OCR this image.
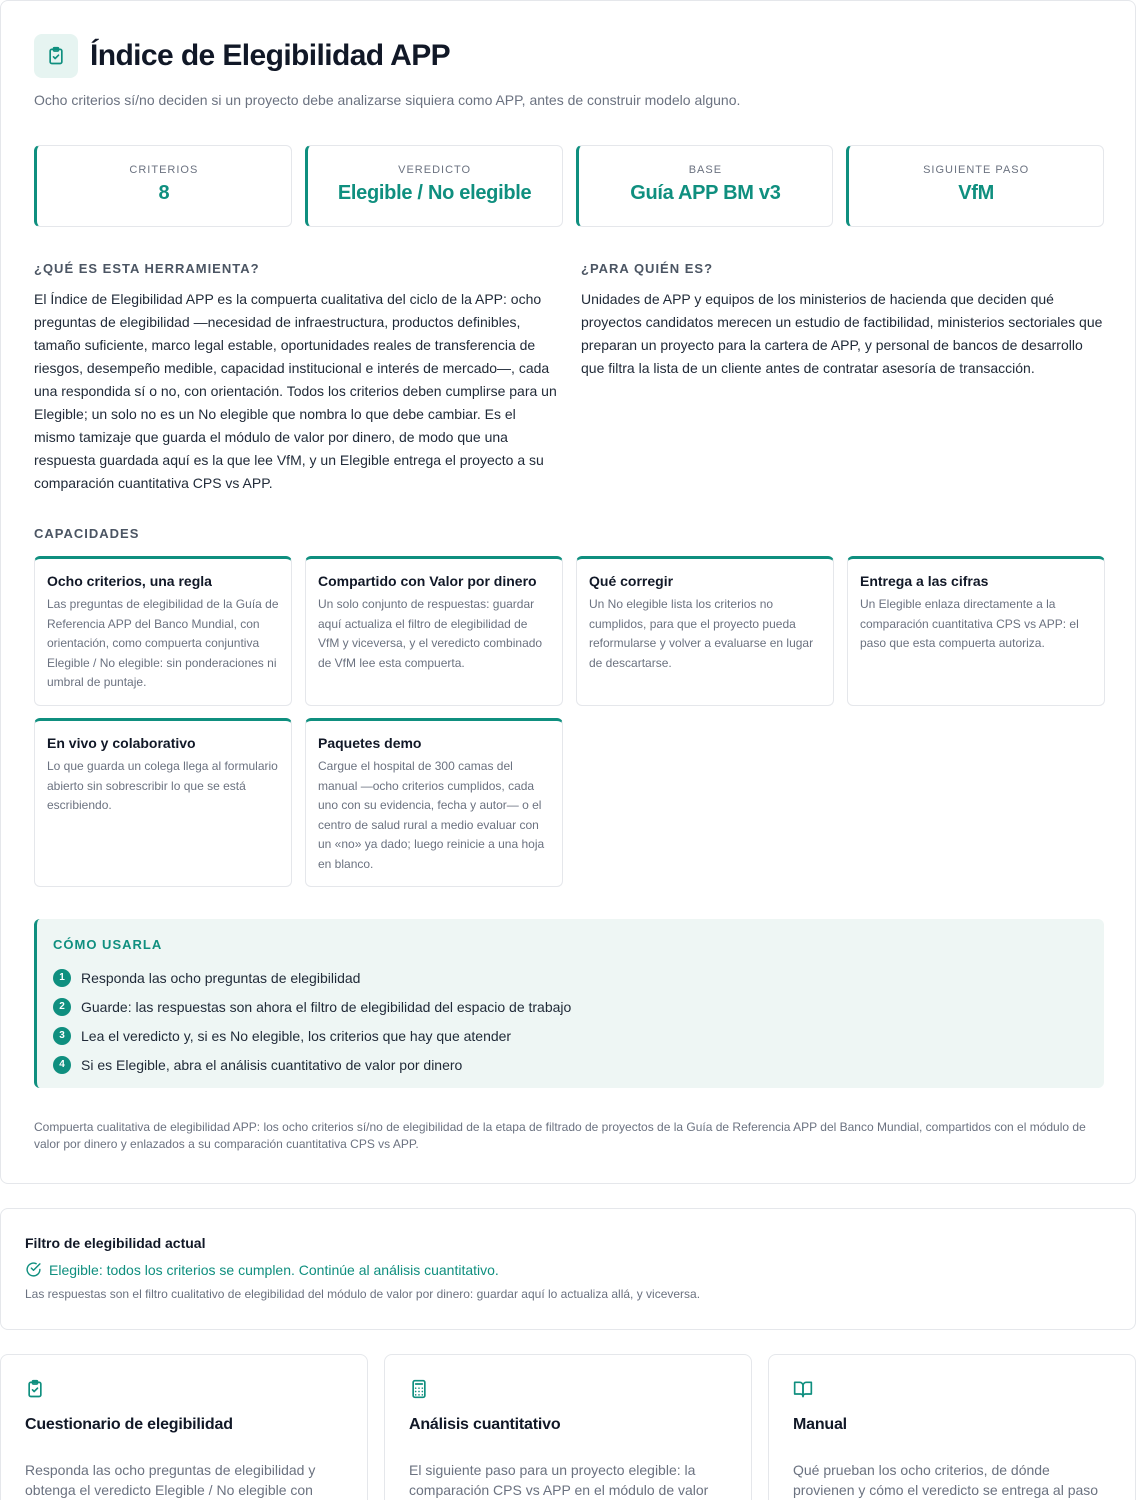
Índice de Elegibilidad APP

Ocho criterios sí/no deciden si un proyecto debe analizarse siquiera como APP, antes de construir modelo alguno.

CRITERIOS
8
VEREDICTO
Elegible / No elegible
BASE
Guía APP BM v3
SIGUIENTE PASO
VfM
¿QUÉ ES ESTA HERRAMIENTA?

El Índice de Elegibilidad APP es la compuerta cualitativa del ciclo de la APP: ocho preguntas de elegibilidad —necesidad de infraestructura, productos definibles, tamaño suficiente, marco legal estable, oportunidades reales de transferencia de riesgos, desempeño medible, capacidad institucional e interés de mercado—, cada una respondida sí o no, con orientación. Todos los criterios deben cumplirse para un Elegible; un solo no es un No elegible que nombra lo que debe cambiar. Es el mismo tamizaje que guarda el módulo de valor por dinero, de modo que una respuesta guardada aquí es la que lee VfM, y un Elegible entrega el proyecto a su comparación cuantitativa CPS vs APP.

¿PARA QUIÉN ES?

Unidades de APP y equipos de los ministerios de hacienda que deciden qué proyectos candidatos merecen un estudio de factibilidad, ministerios sectoriales que preparan un proyecto para la cartera de APP, y personal de bancos de desarrollo que filtra la lista de un cliente antes de contratar asesoría de transacción.

CAPACIDADES
Ocho criterios, una regla
Las preguntas de elegibilidad de la Guía de Referencia APP del Banco Mundial, con orientación, como compuerta conjuntiva Elegible / No elegible: sin ponderaciones ni umbral de puntaje.
Compartido con Valor por dinero
Un solo conjunto de respuestas: guardar aquí actualiza el filtro de elegibilidad de VfM y viceversa, y el veredicto combinado de VfM lee esta compuerta.
Qué corregir
Un No elegible lista los criterios no cumplidos, para que el proyecto pueda reformularse y volver a evaluarse en lugar de descartarse.
Entrega a las cifras
Un Elegible enlaza directamente a la comparación cuantitativa CPS vs APP: el paso que esta compuerta autoriza.
En vivo y colaborativo
Lo que guarda un colega llega al formulario abierto sin sobrescribir lo que se está escribiendo.
Paquetes demo
Cargue el hospital de 300 camas del manual —ocho criterios cumplidos, cada uno con su evidencia, fecha y autor— o el centro de salud rural a medio evaluar con un «no» ya dado; luego reinicie a una hoja en blanco.
CÓMO USARLA
1	Responda las ocho preguntas de elegibilidad
2	Guarde: las respuestas son ahora el filtro de elegibilidad del espacio de trabajo
3	Lea el veredicto y, si es No elegible, los criterios que hay que atender
4	Si es Elegible, abra el análisis cuantitativo de valor por dinero

Compuerta cualitativa de elegibilidad APP: los ocho criterios sí/no de elegibilidad de la etapa de filtrado de proyectos de la Guía de Referencia APP del Banco Mundial, compartidos con el módulo de valor por dinero y enlazados a su comparación cuantitativa CPS vs APP.

Filtro de elegibilidad actual
Elegible: todos los criterios se cumplen. Continúe al análisis cuantitativo.
Las respuestas son el filtro cualitativo de elegibilidad del módulo de valor por dinero: guardar aquí lo actualiza allá, y viceversa.
Cuestionario de elegibilidad
Responda las ocho preguntas de elegibilidad y obtenga el veredicto Elegible / No elegible con
Análisis cuantitativo
El siguiente paso para un proyecto elegible: la comparación CPS vs APP en el módulo de valor
Manual
Qué prueban los ocho criterios, de dónde provienen y cómo el veredicto se entrega al paso
